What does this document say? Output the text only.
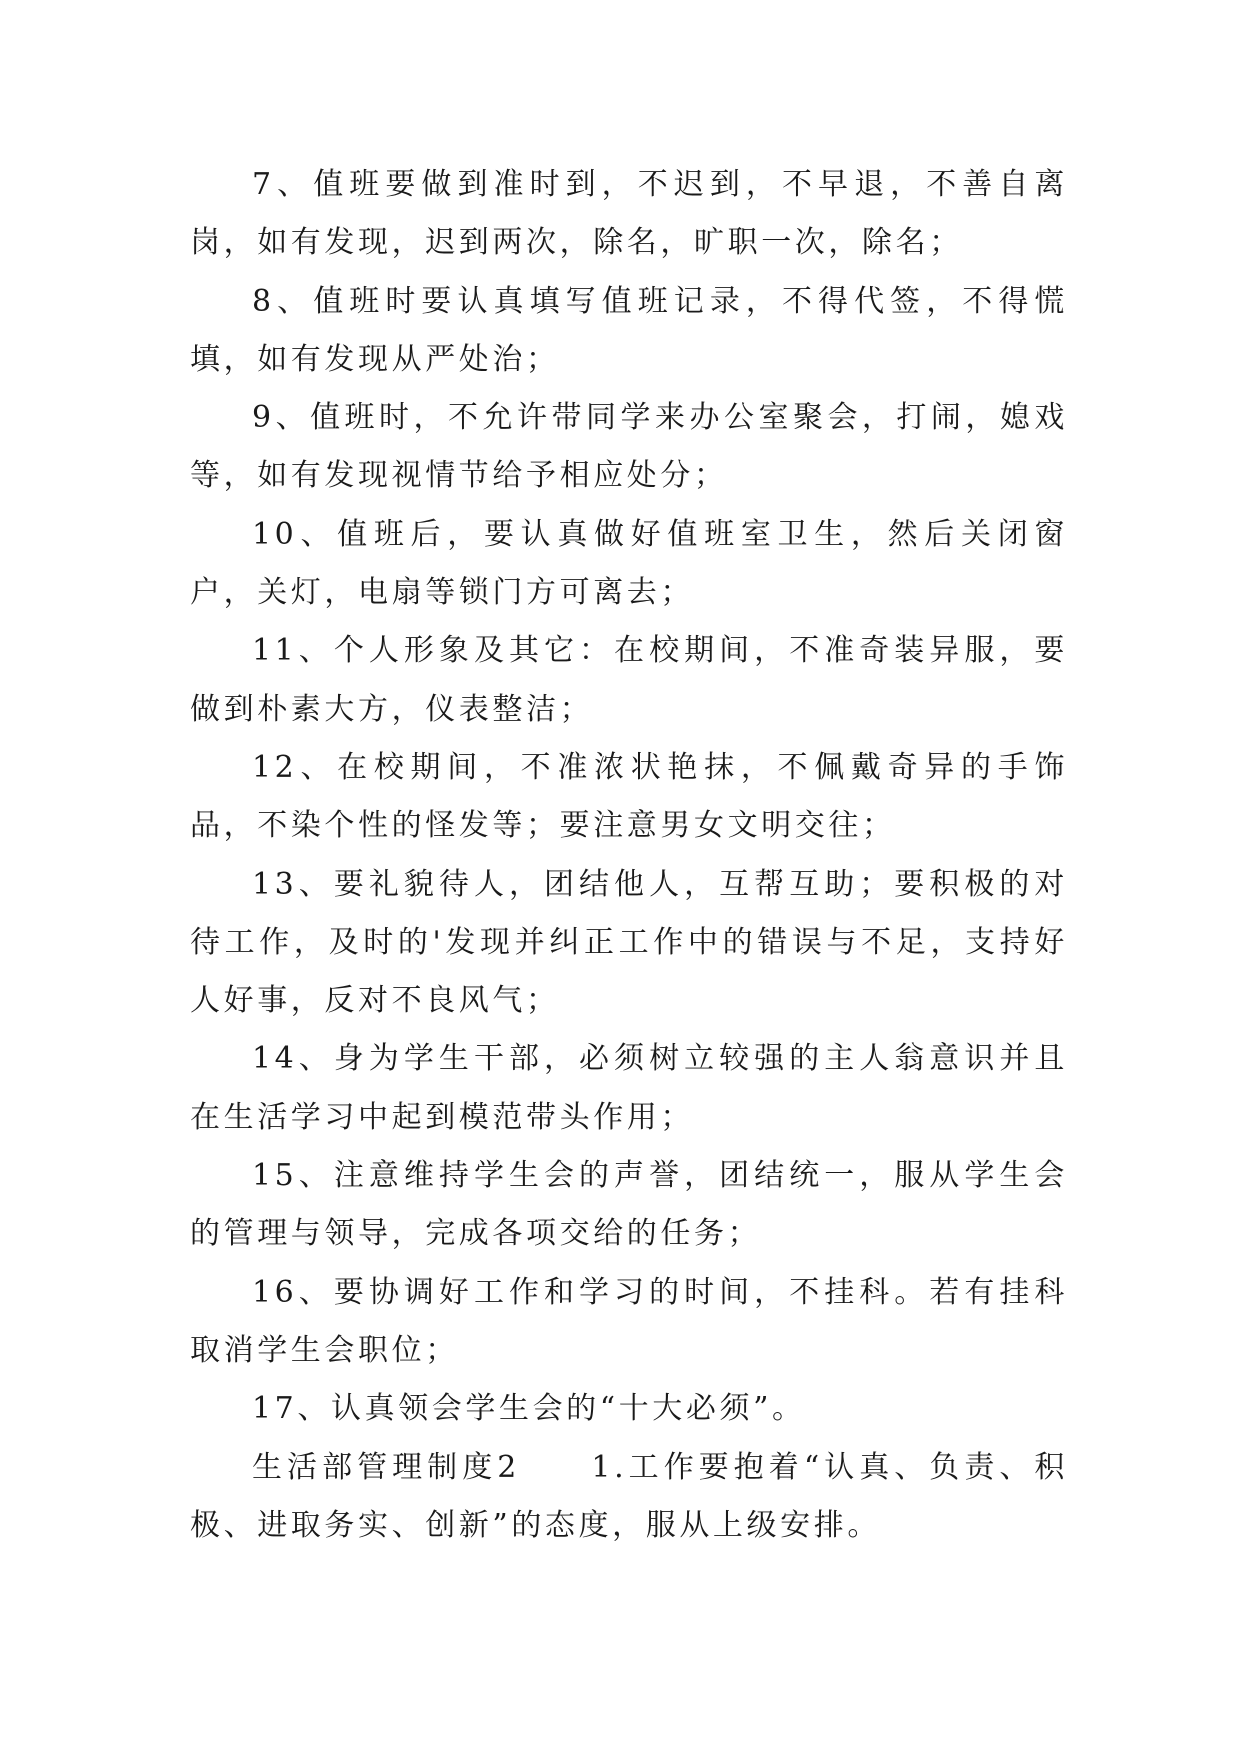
7、值班要做到准时到，不迟到，不早退，不善自离岗，如有发现，迟到两次，除名，旷职一次，除名；

8、值班时要认真填写值班记录，不得代签，不得慌填，如有发现从严处治；

9、值班时，不允许带同学来办公室聚会，打闹，媳戏等，如有发现视情节给予相应处分；

10、值班后，要认真做好值班室卫生，然后关闭窗户，关灯，电扇等锁门方可离去；

11、个人形象及其它：在校期间，不准奇装异服，要做到朴素大方，仪表整洁；

12、在校期间，不准浓状艳抹，不佩戴奇异的手饰品，不染个性的怪发等；要注意男女文明交往；

13、要礼貌待人，团结他人，互帮互助；要积极的对待工作，及时的'发现并纠正工作中的错误与不足，支持好人好事，反对不良风气；

14、身为学生干部，必须树立较强的主人翁意识并且在生活学习中起到模范带头作用；

15、注意维持学生会的声誉，团结统一，服从学生会的管理与领导，完成各项交给的任务；

16、要协调好工作和学习的时间，不挂科。若有挂科取消学生会职位；

17、认真领会学生会的“十大必须”。

生活部管理制度2　　1.工作要抱着“认真、负责、积极、进取务实、创新”的态度，服从上级安排。
